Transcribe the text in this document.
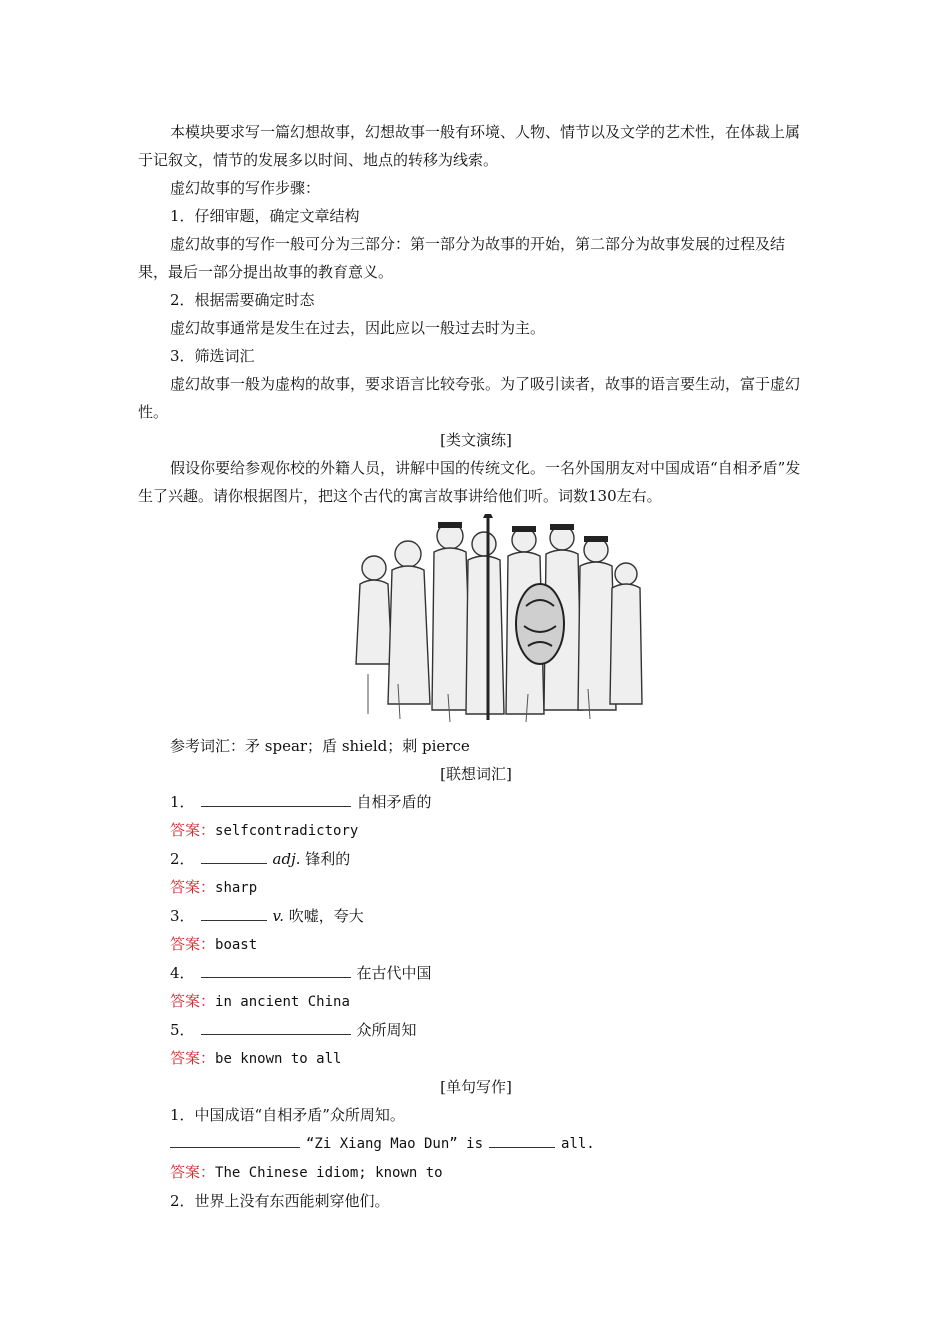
本模块要求写一篇幻想故事，幻想故事一般有环境、人物、情节以及文学的艺术性，在体裁上属于记叙文，情节的发展多以时间、地点的转移为线索。

虚幻故事的写作步骤：

1．仔细审题，确定文章结构

虚幻故事的写作一般可分为三部分：第一部分为故事的开始，第二部分为故事发展的过程及结果，最后一部分提出故事的教育意义。

2．根据需要确定时态

虚幻故事通常是发生在过去，因此应以一般过去时为主。

3．筛选词汇

虚幻故事一般为虚构的故事，要求语言比较夸张。为了吸引读者，故事的语言要生动，富于虚幻性。

[类文演练]

假设你要给参观你校的外籍人员，讲解中国的传统文化。一名外国朋友对中国成语“自相矛盾”发生了兴趣。请你根据图片，把这个古代的寓言故事讲给他们听。词数130左右。

参考词汇：矛 spear；盾 shield；刺 pierce

[联想词汇]

1．	自相矛盾的

答案：selfcontradictory

2．	adj. 锋利的

答案：sharp

3．	v. 吹嘘，夸大

答案：boast

4．	在古代中国

答案：in ancient China

5．	众所周知

答案：be known to all

[单句写作]

1．中国成语“自相矛盾”众所周知。

“Zi Xiang Mao Dun” is	all.

答案：The Chinese idiom; known to

2．世界上没有东西能刺穿他们。
